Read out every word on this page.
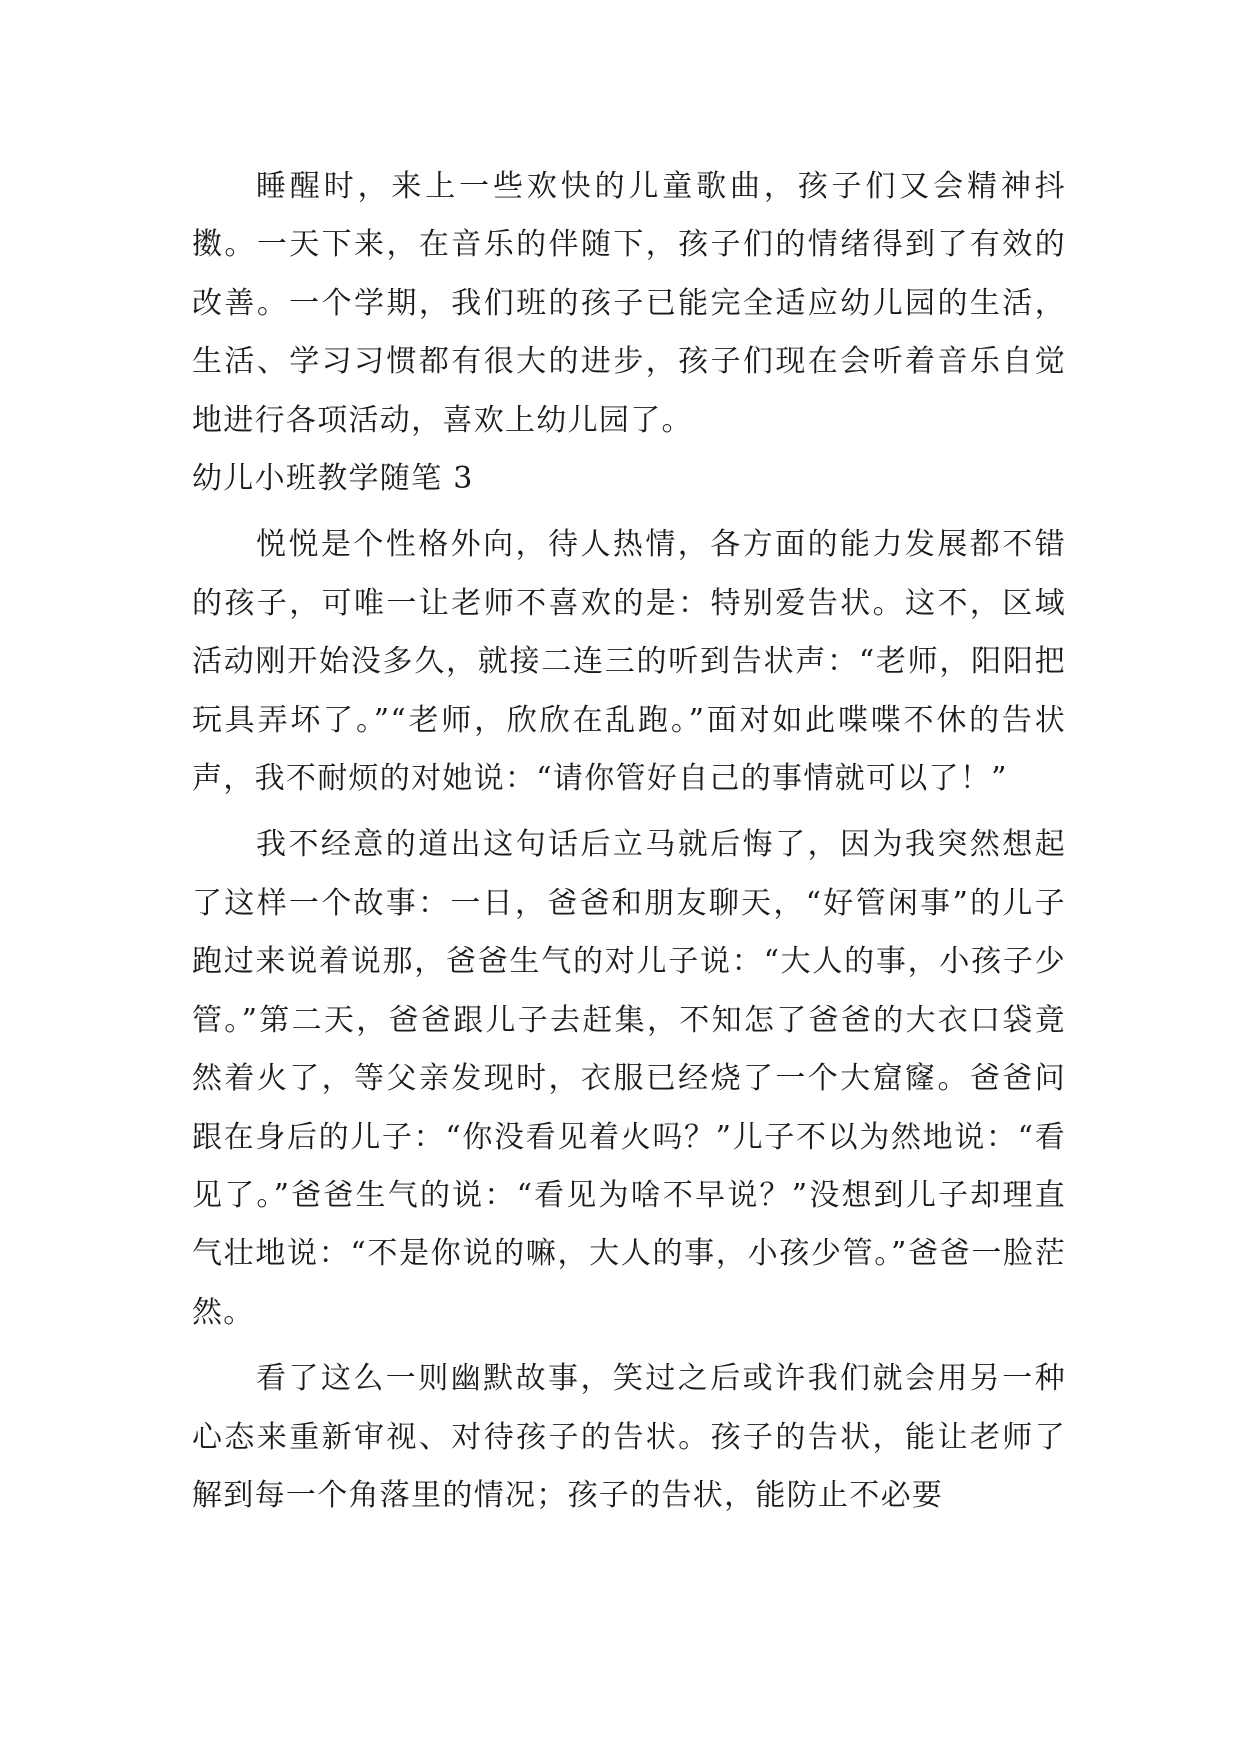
睡醒时，来上一些欢快的儿童歌曲，孩子们又会精神抖擞。一天下来，在音乐的伴随下，孩子们的情绪得到了有效的改善。一个学期，我们班的孩子已能完全适应幼儿园的生活，生活、学习习惯都有很大的进步，孩子们现在会听着音乐自觉地进行各项活动，喜欢上幼儿园了。

幼儿小班教学随笔 3

悦悦是个性格外向，待人热情，各方面的能力发展都不错的孩子，可唯一让老师不喜欢的是：特别爱告状。这不，区域活动刚开始没多久，就接二连三的听到告状声：“老师，阳阳把玩具弄坏了。”“老师，欣欣在乱跑。”面对如此喋喋不休的告状声，我不耐烦的对她说：“请你管好自己的事情就可以了！”

我不经意的道出这句话后立马就后悔了，因为我突然想起了这样一个故事：一日，爸爸和朋友聊天，“好管闲事”的儿子跑过来说着说那，爸爸生气的对儿子说：“大人的事，小孩子少管。”第二天，爸爸跟儿子去赶集，不知怎了爸爸的大衣口袋竟然着火了，等父亲发现时，衣服已经烧了一个大窟窿。爸爸问跟在身后的儿子：“你没看见着火吗？”儿子不以为然地说：“看见了。”爸爸生气的说：“看见为啥不早说？”没想到儿子却理直气壮地说：“不是你说的嘛，大人的事，小孩少管。”爸爸一脸茫然。

看了这么一则幽默故事，笑过之后或许我们就会用另一种心态来重新审视、对待孩子的告状。孩子的告状，能让老师了解到每一个角落里的情况；孩子的告状，能防止不必要
